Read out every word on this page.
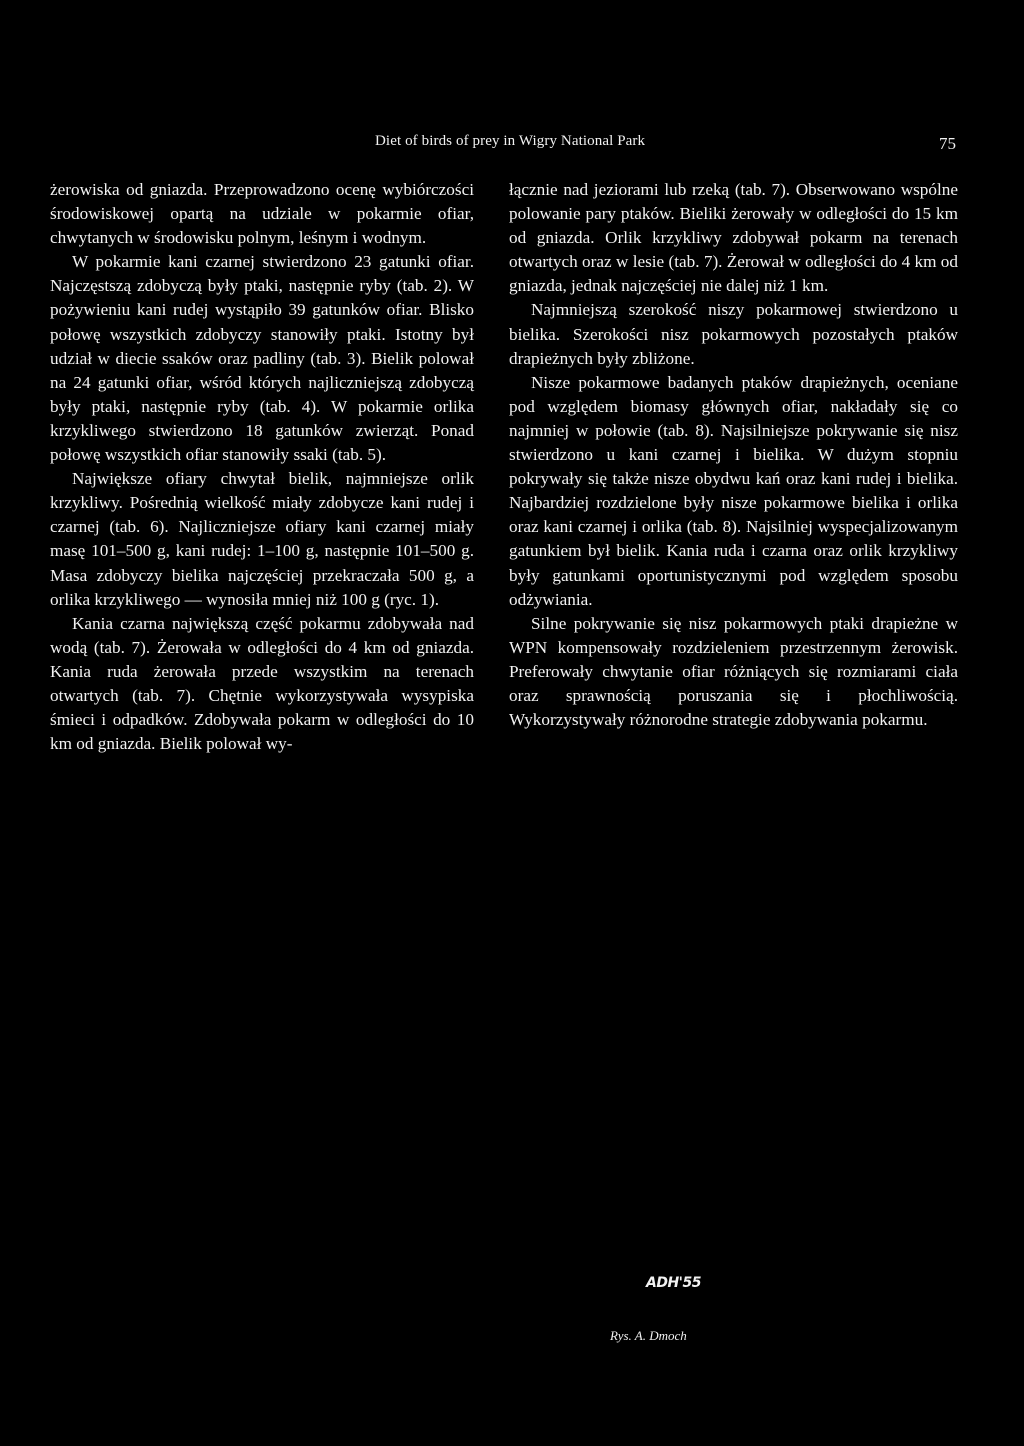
Diet of birds of prey in Wigry National Park	75

żerowiska od gniazda. Przeprowadzono ocenę wybiórczości środowiskowej opartą na udziale w pokarmie ofiar, chwytanych w środowisku polnym, leśnym i wodnym.

W pokarmie kani czarnej stwierdzono 23 gatunki ofiar. Najczęstszą zdobyczą były ptaki, następnie ryby (tab. 2). W pożywieniu kani rudej wystąpiło 39 gatunków ofiar. Blisko połowę wszystkich zdobyczy stanowiły ptaki. Istotny był udział w diecie ssaków oraz padliny (tab. 3). Bielik polował na 24 gatunki ofiar, wśród których najliczniejszą zdobyczą były ptaki, następnie ryby (tab. 4). W pokarmie orlika krzykliwego stwierdzono 18 gatunków zwierząt. Ponad połowę wszystkich ofiar stanowiły ssaki (tab. 5).

Największe ofiary chwytał bielik, najmniejsze orlik krzykliwy. Pośrednią wielkość miały zdobycze kani rudej i czarnej (tab. 6). Najliczniejsze ofiary kani czarnej miały masę 101–500 g, kani rudej: 1–100 g, następnie 101–500 g. Masa zdobyczy bielika najczęściej przekraczała 500 g, a orlika krzykliwego — wynosiła mniej niż 100 g (ryc. 1).

Kania czarna największą część pokarmu zdobywała nad wodą (tab. 7). Żerowała w odległości do 4 km od gniazda. Kania ruda żerowała przede wszystkim na terenach otwartych (tab. 7). Chętnie wykorzystywała wysypiska śmieci i odpadków. Zdobywała pokarm w odległości do 10 km od gniazda. Bielik polował wy-

łącznie nad jeziorami lub rzeką (tab. 7). Obserwowano wspólne polowanie pary ptaków. Bieliki żerowały w odległości do 15 km od gniazda. Orlik krzykliwy zdobywał pokarm na terenach otwartych oraz w lesie (tab. 7). Żerował w odległości do 4 km od gniazda, jednak najczęściej nie dalej niż 1 km.

Najmniejszą szerokość niszy pokarmowej stwierdzono u bielika. Szerokości nisz pokarmowych pozostałych ptaków drapieżnych były zbliżone.

Nisze pokarmowe badanych ptaków drapieżnych, oceniane pod względem biomasy głównych ofiar, nakładały się co najmniej w połowie (tab. 8). Najsilniejsze pokrywanie się nisz stwierdzono u kani czarnej i bielika. W dużym stopniu pokrywały się także nisze obydwu kań oraz kani rudej i bielika. Najbardziej rozdzielone były nisze pokarmowe bielika i orlika oraz kani czarnej i orlika (tab. 8). Najsilniej wyspecjalizowanym gatunkiem był bielik. Kania ruda i czarna oraz orlik krzykliwy były gatunkami oportunistycznymi pod względem sposobu odżywiania.

Silne pokrywanie się nisz pokarmowych ptaki drapieżne w WPN kompensowały rozdzieleniem przestrzennym żerowisk. Preferowały chwytanie ofiar różniących się rozmiarami ciała oraz sprawnością poruszania się i płochliwością. Wykorzystywały różnorodne strategie zdobywania pokarmu.

ADH'55
Rys. A. Dmoch
